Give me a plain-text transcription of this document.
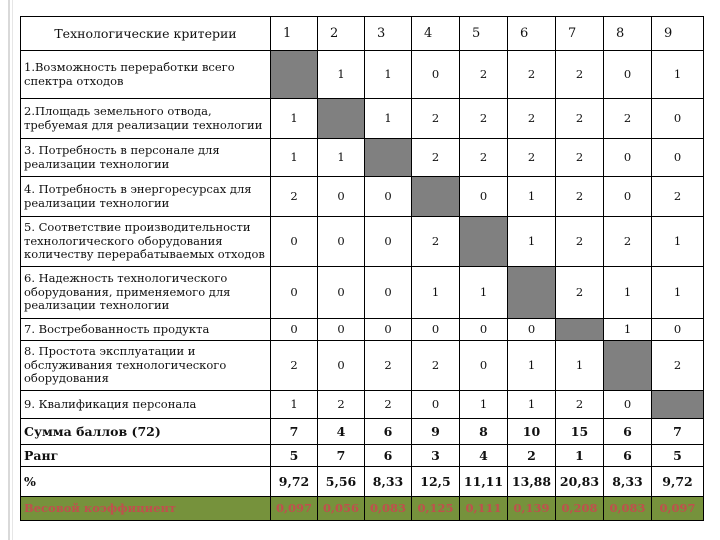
Технологические критерии	1	2	3	4	5	6	7	8	9
1.Возможность переработки всего спектра отходов		1	1	0	2	2	2	0	1
2.Площадь земельного отвода, требуемая для реализации технологии	1		1	2	2	2	2	2	0
3. Потребность в персонале для реализации технологии	1	1		2	2	2	2	0	0
4. Потребность в энергоресурсах для реализации технологии	2	0	0		0	1	2	0	2
5. Соответствие производительности технологического оборудования количеству перерабатываемых отходов	0	0	0	2		1	2	2	1
6. Надежность технологического оборудования, применяемого для реализации технологии	0	0	0	1	1		2	1	1
7. Востребованность продукта	0	0	0	0	0	0		1	0
8. Простота эксплуатации и обслуживания технологического оборудования	2	0	2	2	0	1	1		2
9. Квалификация персонала	1	2	2	0	1	1	2	0	
Сумма баллов (72)	7	4	6	9	8	10	15	6	7
Ранг	5	7	6	3	4	2	1	6	5
%	9,72	5,56	8,33	12,5	11,11	13,88	20,83	8,33	9,72
Весовой коэффициент	0,097	0,056	0,083	0,125	0,111	0,139	0,208	0,083	0,097
